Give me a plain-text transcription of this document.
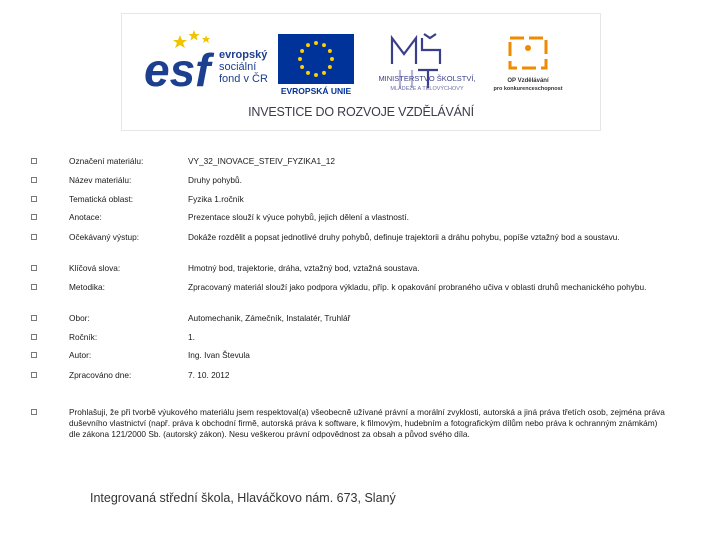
esf evropský
sociální
fond v ČR
EVROPSKÁ UNIE
MINISTERSTVO ŠKOLSTVÍ,
MLÁDEŽE A TĚLOVÝCHOVY
OP Vzdělávání
pro konkurenceschopnost
INVESTICE DO ROZVOJE VZDĚLÁVÁNÍ
Označení materiálu:	VY_32_INOVACE_STEIV_FYZIKA1_12
Název materiálu:	Druhy pohybů.
Tematická oblast:	Fyzika 1.ročník
Anotace:	Prezentace slouží k výuce pohybů, jejich dělení a vlastností.
Očekávaný výstup:	Dokáže rozdělit a popsat jednotlivé druhy pohybů, definuje trajektorii a dráhu pohybu, popíše vztažný bod a soustavu.
Klíčová slova:	Hmotný bod, trajektorie, dráha, vztažný bod, vztažná soustava.
Metodika:	Zpracovaný materiál slouží jako podpora výkladu, příp. k opakování probraného učiva v oblasti druhů mechanického pohybu.
Obor:	Automechanik, Zámečník, Instalatér, Truhlář
Ročník:	1.
Autor:	Ing. Ivan Števula
Zpracováno dne:	7. 10. 2012
Prohlašuji, že při tvorbě výukového materiálu jsem respektoval(a) všeobecně užívané právní a morální zvyklosti, autorská a jiná práva třetích osob, zejména práva duševního vlastnictví (např. práva k obchodní firmě, autorská práva k software, k filmovým, hudebním a fotografickým dílům nebo práva k ochranným známkám) dle zákona 121/2000 Sb. (autorský zákon). Nesu veškerou právní odpovědnost za obsah a původ svého díla.
Integrovaná střední škola, Hlaváčkovo nám. 673, Slaný
